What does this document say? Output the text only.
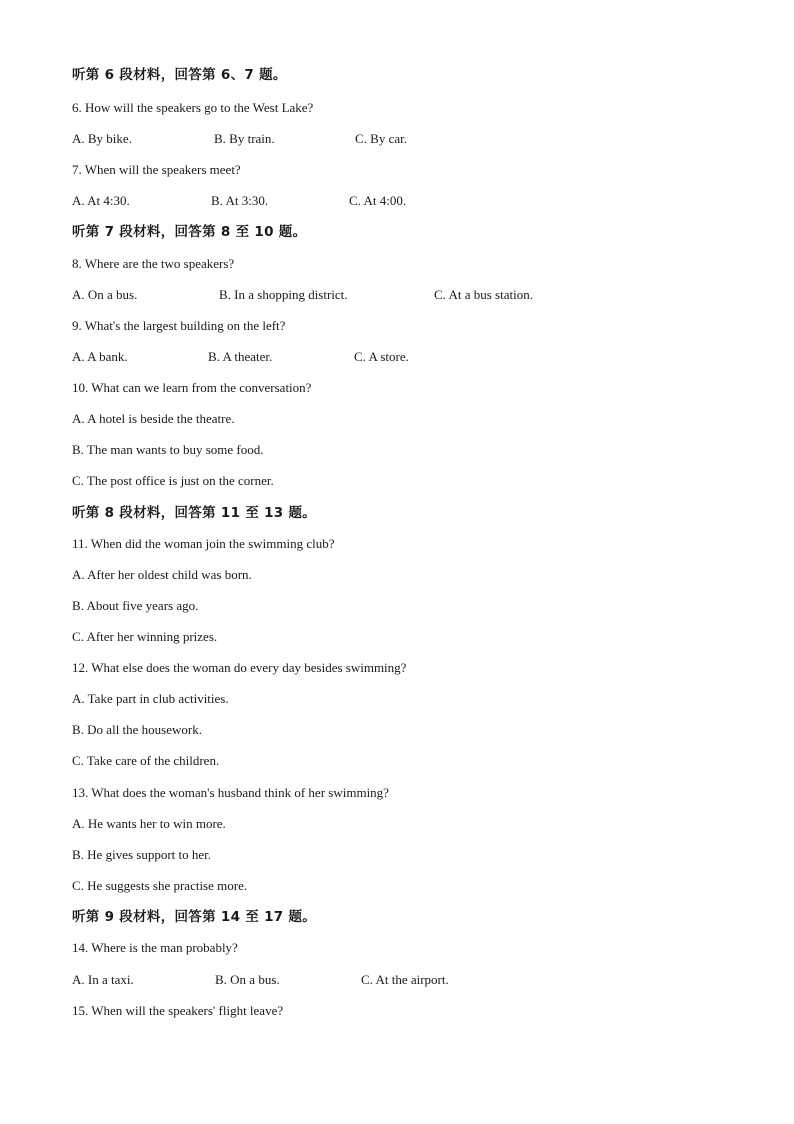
听第 6 段材料，回答第 6、7 题。
6. How will the speakers go to the West Lake?
A. By bike.	B. By train.	C. By car.
7. When will the speakers meet?
A. At 4:30.	B. At 3:30.	C. At 4:00.
听第 7 段材料，回答第 8 至 10 题。
8. Where are the two speakers?
A. On a bus.	B. In a shopping district.	C. At a bus station.
9. What's the largest building on the left?
A. A bank.	B. A theater.	C. A store.
10. What can we learn from the conversation?
A. A hotel is beside the theatre.
B. The man wants to buy some food.
C. The post office is just on the corner.
听第 8 段材料，回答第 11 至 13 题。
11. When did the woman join the swimming club?
A. After her oldest child was born.
B. About five years ago.
C. After her winning prizes.
12. What else does the woman do every day besides swimming?
A. Take part in club activities.
B. Do all the housework.
C. Take care of the children.
13. What does the woman's husband think of her swimming?
A. He wants her to win more.
B. He gives support to her.
C. He suggests she practise more.
听第 9 段材料，回答第 14 至 17 题。
14. Where is the man probably?
A. In a taxi.	B. On a bus.	C. At the airport.
15. When will the speakers' flight leave?
